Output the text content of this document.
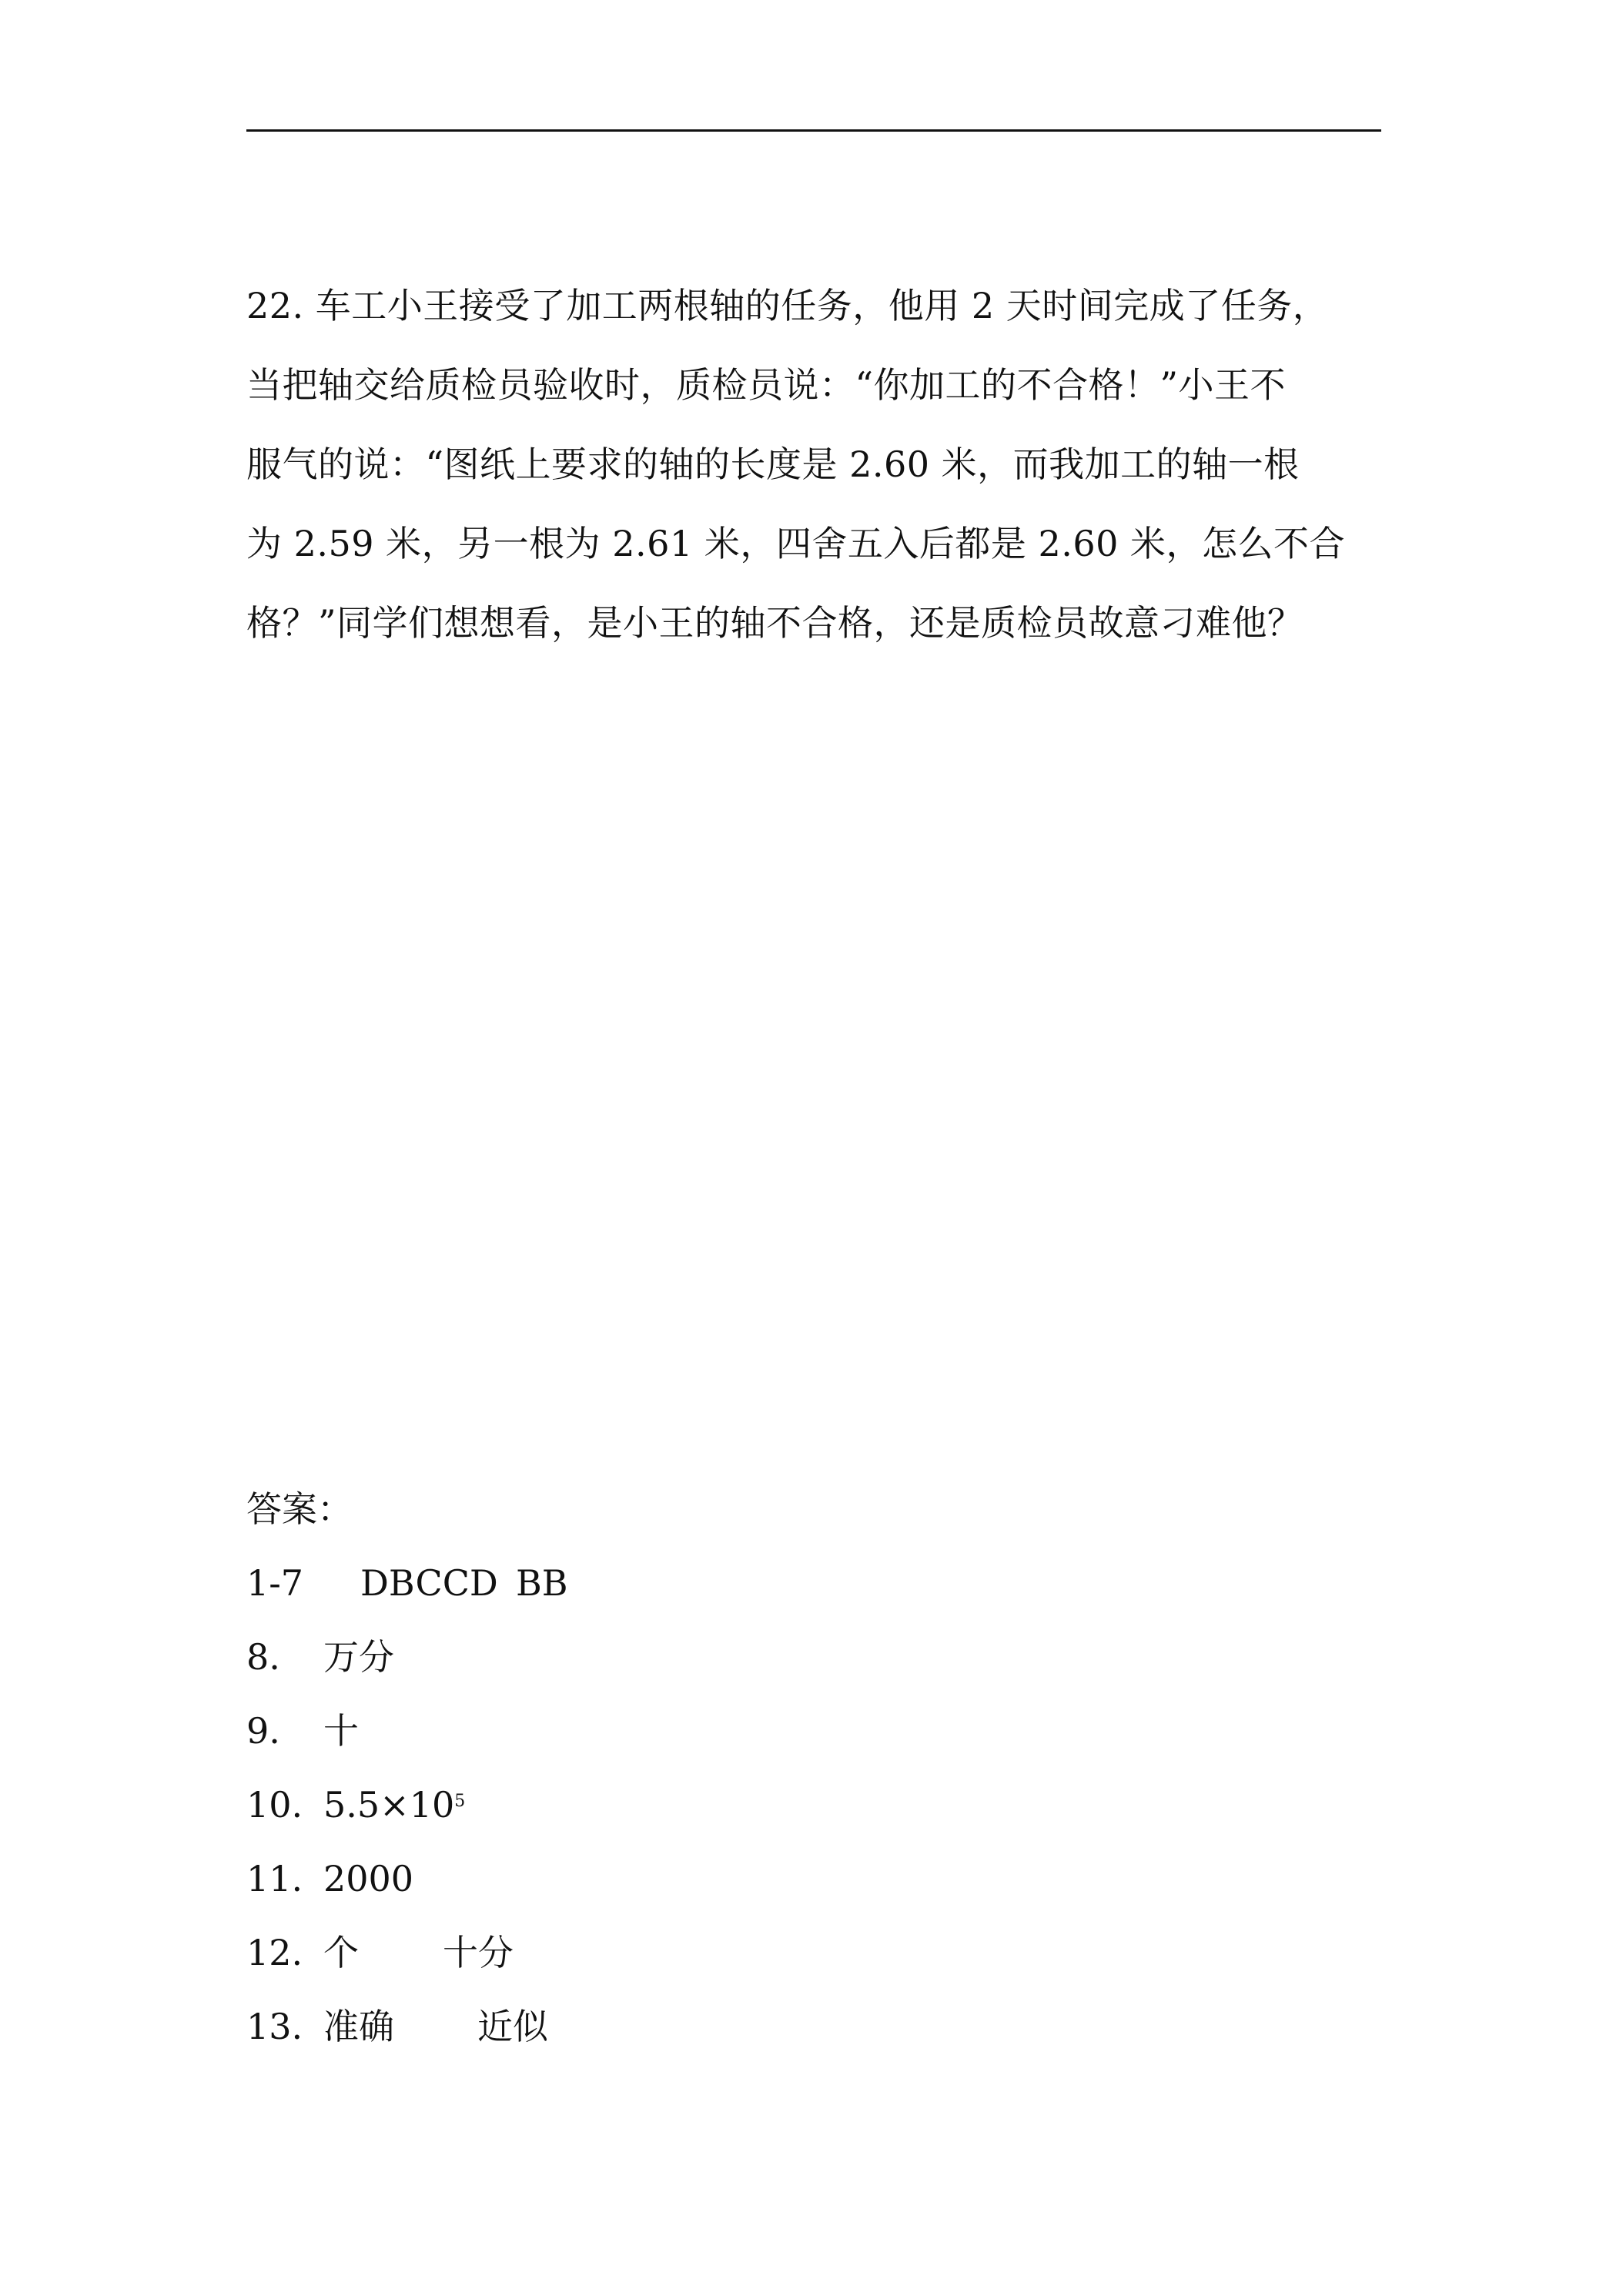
22. 车工小王接受了加工两根轴的任务，他用 2 天时间完成了任务，
当把轴交给质检员验收时，质检员说：“你加工的不合格！”小王不
服气的说：“图纸上要求的轴的长度是 2.60 米，而我加工的轴一根
为 2.59 米，另一根为 2.61 米，四舍五入后都是 2.60 米，怎么不合
格？”同学们想想看，是小王的轴不合格，还是质检员故意刁难他？
答案：
1-7 DBCCD BB
8. 万分
9. 十
10. $5.5\times 10^5$
11. 2000
12. 个 十分
13. 准确 近似
